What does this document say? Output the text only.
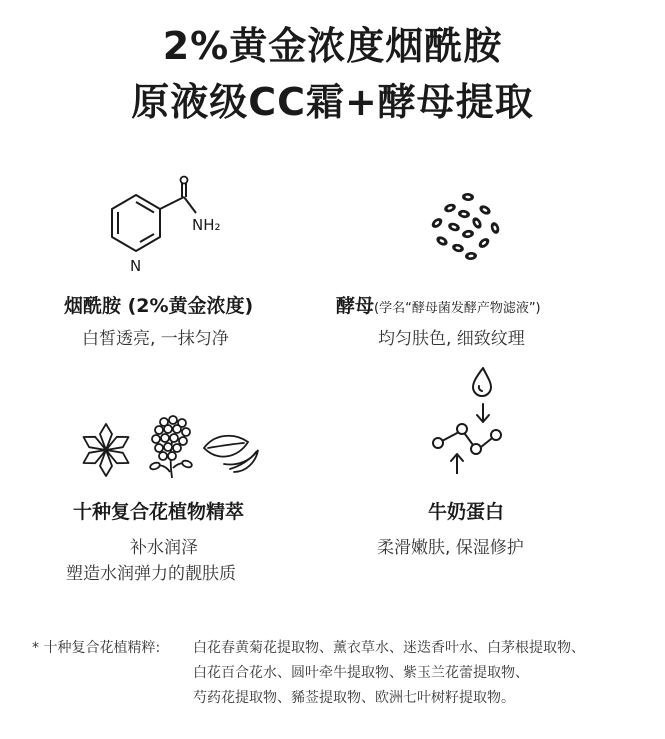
2%黄金浓度烟酰胺
原液级CC霜+酵母提取
NH₂
N
烟酰胺 (2%黄金浓度)
白皙透亮, 一抹匀净
酵母(学名“酵母菌发酵产物滤液”)
均匀肤色, 细致纹理
十种复合花植物精萃
补水润泽
塑造水润弹力的靓肤质
牛奶蛋白
柔滑嫩肤, 保湿修护
* 十种复合花植精粹: 白花春黄菊花提取物、薰衣草水、迷迭香叶水、白茅根提取物、
白花百合花水、圆叶牵牛提取物、紫玉兰花蕾提取物、
芍药花提取物、豨莶提取物、欧洲七叶树籽提取物。
